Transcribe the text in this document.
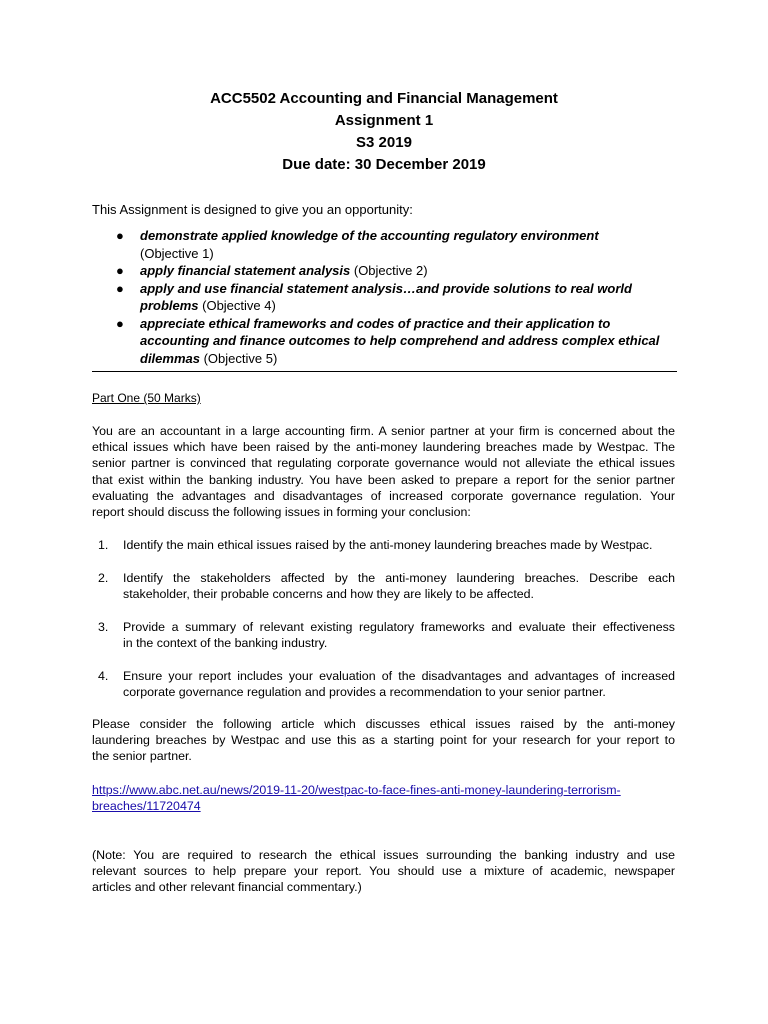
ACC5502 Accounting and Financial Management
Assignment 1
S3 2019
Due date: 30 December 2019
This Assignment is designed to give you an opportunity:
● demonstrate applied knowledge of the accounting regulatory environment
(Objective 1)
● apply financial statement analysis (Objective 2)
● apply and use financial statement analysis…and provide solutions to real world
problems (Objective 4)
● appreciate ethical frameworks and codes of practice and their application to
accounting and finance outcomes to help comprehend and address complex ethical
dilemmas (Objective 5)
Part One (50 Marks)
You are an accountant in a large accounting firm. A senior partner at your firm is concerned about the
ethical issues which have been raised by the anti-money laundering breaches made by Westpac. The
senior partner is convinced that regulating corporate governance would not alleviate the ethical issues
that exist within the banking industry. You have been asked to prepare a report for the senior partner
evaluating the advantages and disadvantages of increased corporate governance regulation. Your
report should discuss the following issues in forming your conclusion:
1. Identify the main ethical issues raised by the anti-money laundering breaches made by Westpac.
2. Identify the stakeholders affected by the anti-money laundering breaches. Describe each
stakeholder, their probable concerns and how they are likely to be affected.
3. Provide a summary of relevant existing regulatory frameworks and evaluate their effectiveness
in the context of the banking industry.
4. Ensure your report includes your evaluation of the disadvantages and advantages of increased
corporate governance regulation and provides a recommendation to your senior partner.
Please consider the following article which discusses ethical issues raised by the anti-money
laundering breaches by Westpac and use this as a starting point for your research for your report to
the senior partner.
https://www.abc.net.au/news/2019-11-20/westpac-to-face-fines-anti-money-laundering-terrorism-
breaches/11720474
(Note: You are required to research the ethical issues surrounding the banking industry and use
relevant sources to help prepare your report. You should use a mixture of academic, newspaper
articles and other relevant financial commentary.)
